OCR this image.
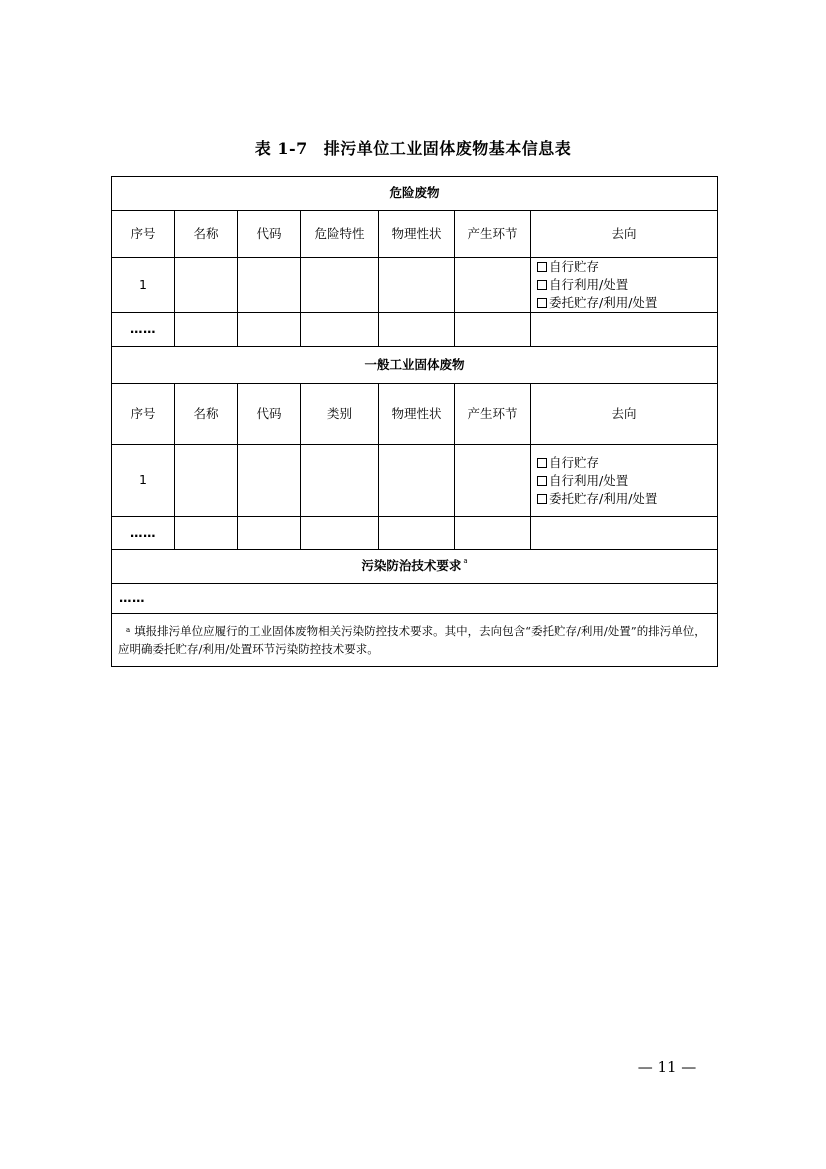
表 1-7 排污单位工业固体废物基本信息表
危险废物						
序号	名称	代码	危险特性	物理性状	产生环节	去向
1						自行贮存
自行利用/处置
委托贮存/利用/处置

……						
一般工业固体废物						
序号	名称	代码	类别	物理性状	产生环节	去向
1						自行贮存
自行利用/处置
委托贮存/利用/处置

……						
污染防治技术要求 $^a$
……						
$^a$ 填报排污单位应履行的工业固体废物相关污染防控技术要求。其中，去向包含“委托贮存/利用/处置”的排污单位，应明确委托贮存/利用/处置环节污染防控技术要求。						
— 11 —
